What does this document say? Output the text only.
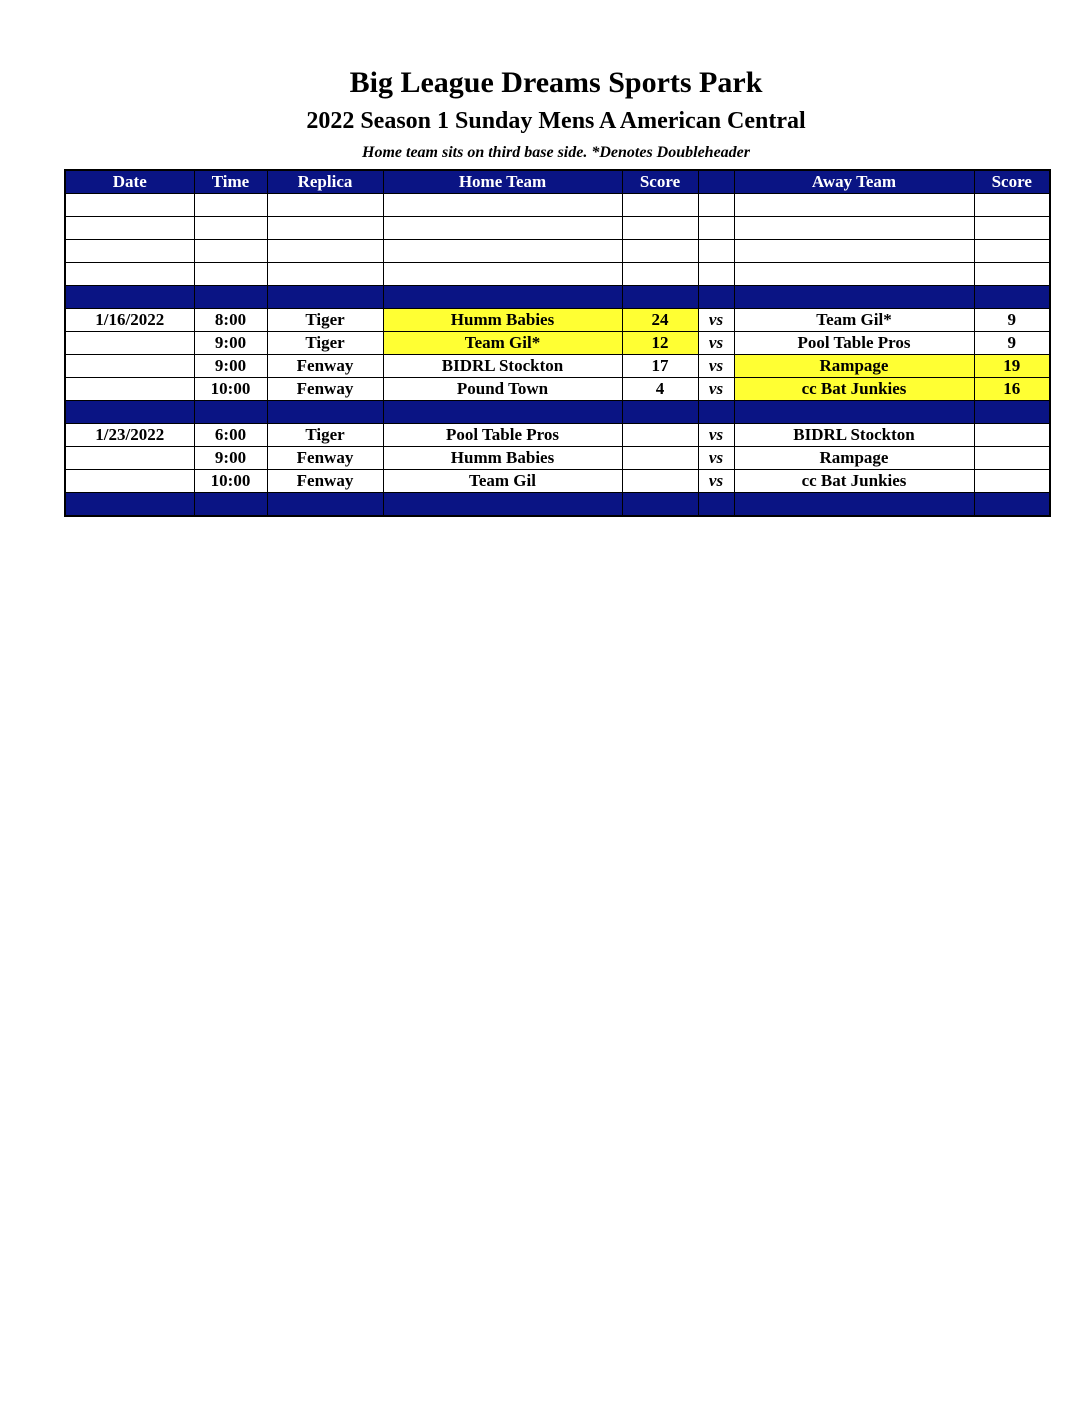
Big League Dreams Sports Park
2022 Season 1 Sunday Mens A American Central
Home team sits on third base side. *Denotes Doubleheader
Date	Time	Replica	Home Team	Score		Away Team	Score

1/16/2022	8:00	Tiger	Humm Babies	24	vs	Team Gil*	9
	9:00	Tiger	Team Gil*	12	vs	Pool Table Pros	9
	9:00	Fenway	BIDRL Stockton	17	vs	Rampage	19
	10:00	Fenway	Pound Town	4	vs	cc Bat Junkies	16

1/23/2022	6:00	Tiger	Pool Table Pros		vs	BIDRL Stockton	
	9:00	Fenway	Humm Babies		vs	Rampage	
	10:00	Fenway	Team Gil		vs	cc Bat Junkies	
